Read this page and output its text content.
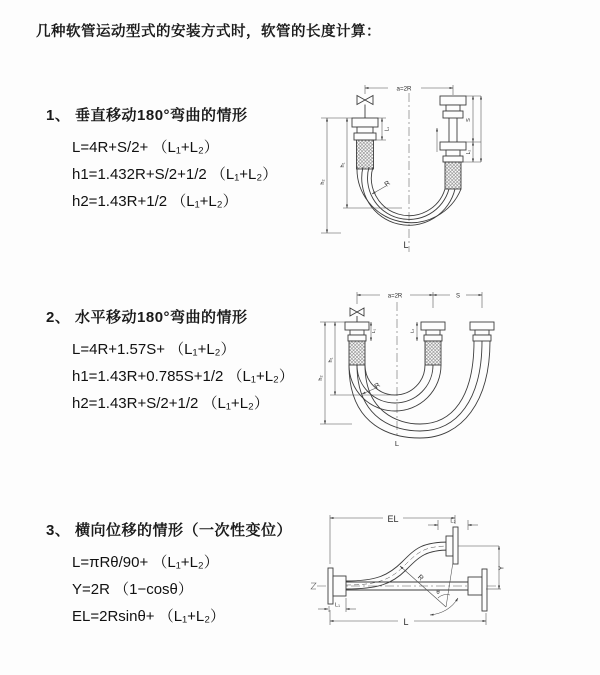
几种软管运动型式的安装方式时，软管的长度计算：
1、 垂直移动180°弯曲的情形
L=4R+S/2+ （L₁+L₂）
h1=1.432R+S/2+1/2 （L₁+L₂）
h2=1.43R+1/2 （L₁+L₂）
2、 水平移动180°弯曲的情形
L=4R+1.57S+ （L₁+L₂）
h1=1.43R+0.785S+1/2 （L₁+L₂）
h2=1.43R+S/2+1/2 （L₁+L₂）
3、 横向位移的情形（一次性变位）
L=πRθ/90+ （L₁+L₂）
Y=2R （1−cosθ）
EL=2Rsinθ+ （L₁+L₂）
a=2R
h₁
h₂
L₁
S
L₂
R
L
a=2R	S
h₁
h₂
L₁	L₂
R
L
θ
R
EL	L₂
Y
L
L₁
